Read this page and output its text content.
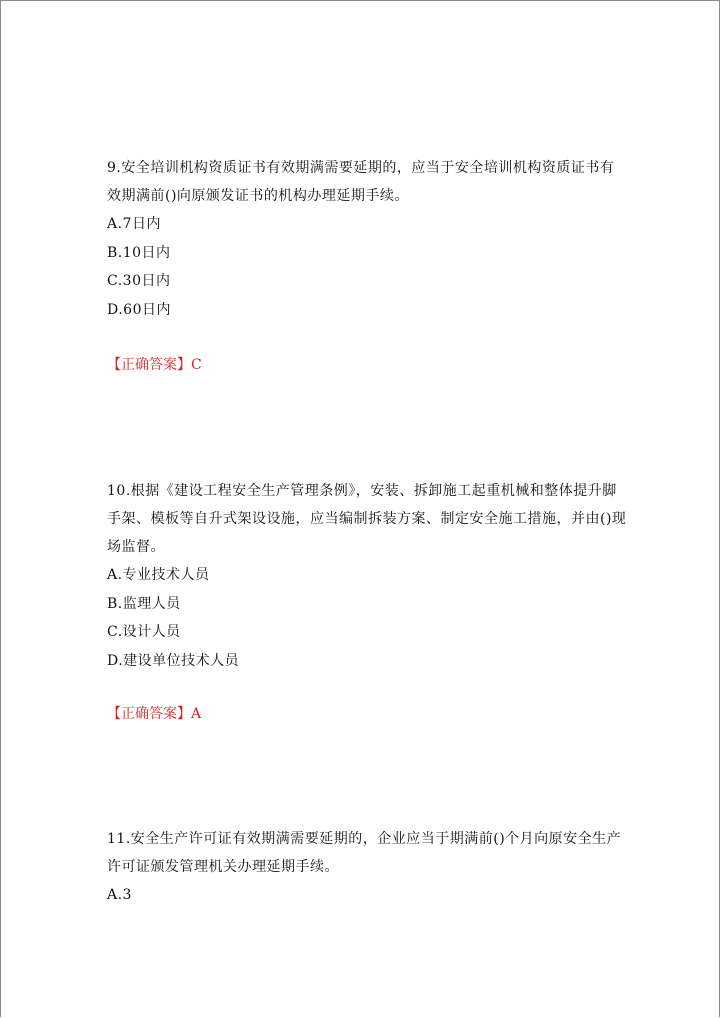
9.安全培训机构资质证书有效期满需要延期的，应当于安全培训机构资质证书有效期满前()向原颁发证书的机构办理延期手续。

A.7日内

B.10日内

C.30日内

D.60日内

【正确答案】C

10.根据《建设工程安全生产管理条例》，安装、拆卸施工起重机械和整体提升脚手架、模板等自升式架设设施，应当编制拆装方案、制定安全施工措施，并由()现场监督。

A.专业技术人员

B.监理人员

C.设计人员

D.建设单位技术人员

【正确答案】A

11.安全生产许可证有效期满需要延期的，企业应当于期满前()个月向原安全生产许可证颁发管理机关办理延期手续。

A.3
